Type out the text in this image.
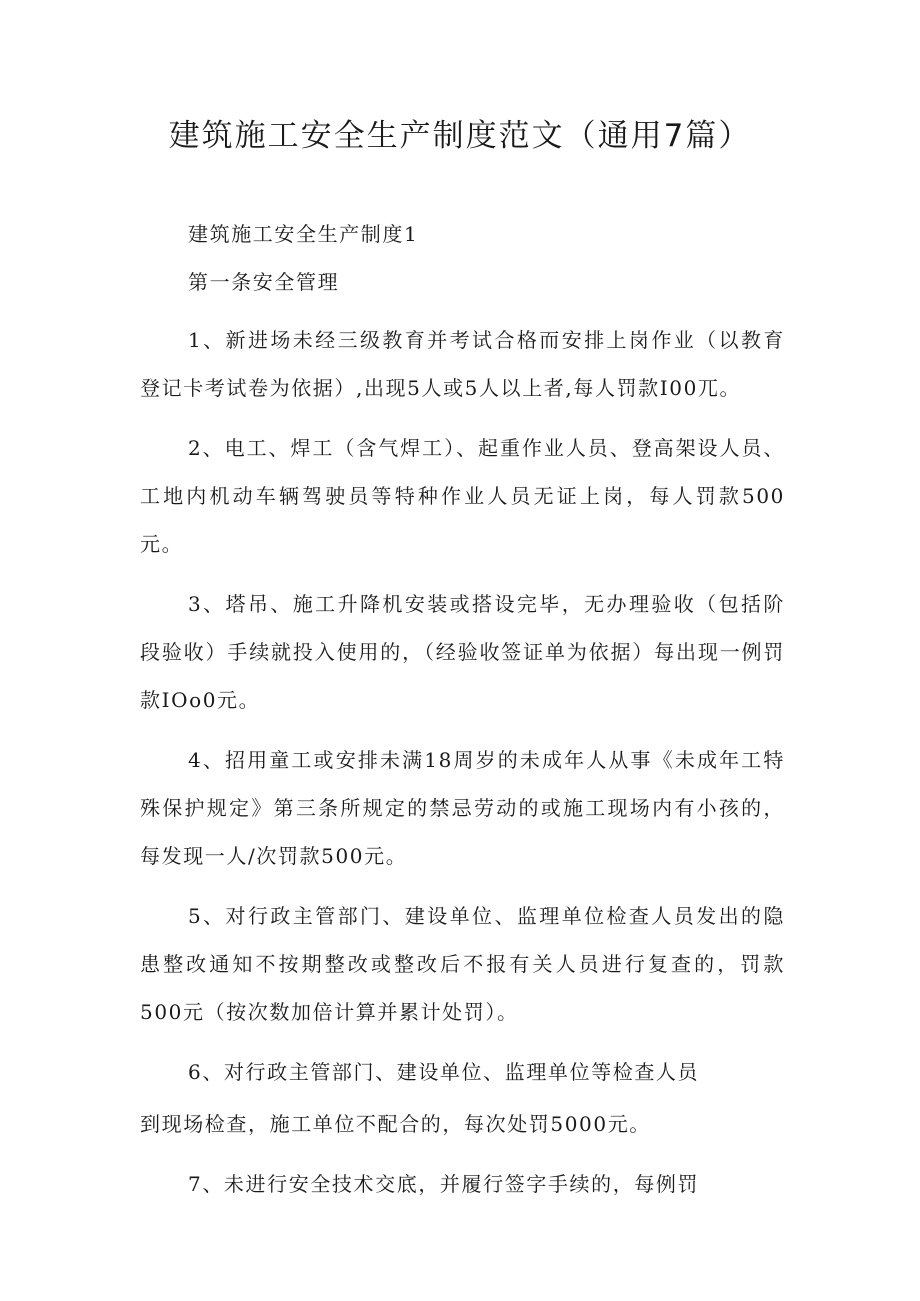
建筑施工安全生产制度范文（通用7篇）

建筑施工安全生产制度1

第一条安全管理

1、新进场未经三级教育并考试合格而安排上岗作业（以教育登记卡考试卷为依据）,出现5人或5人以上者,每人罚款I00兀。

2、电工、焊工（含气焊工）、起重作业人员、登高架设人员、工地内机动车辆驾驶员等特种作业人员无证上岗，每人罚款500元。

3、塔吊、施工升降机安装或搭设完毕，无办理验收（包括阶段验收）手续就投入使用的，（经验收签证单为依据）每出现一例罚款IOo0元。

4、招用童工或安排未满18周岁的未成年人从事《未成年工特殊保护规定》第三条所规定的禁忌劳动的或施工现场内有小孩的，每发现一人/次罚款500元。

5、对行政主管部门、建设单位、监理单位检查人员发出的隐患整改通知不按期整改或整改后不报有关人员进行复查的，罚款500元（按次数加倍计算并累计处罚）。

6、对行政主管部门、建设单位、监理单位等检查人员

到现场检查，施工单位不配合的，每次处罚5000元。

7、未进行安全技术交底，并履行签字手续的，每例罚
